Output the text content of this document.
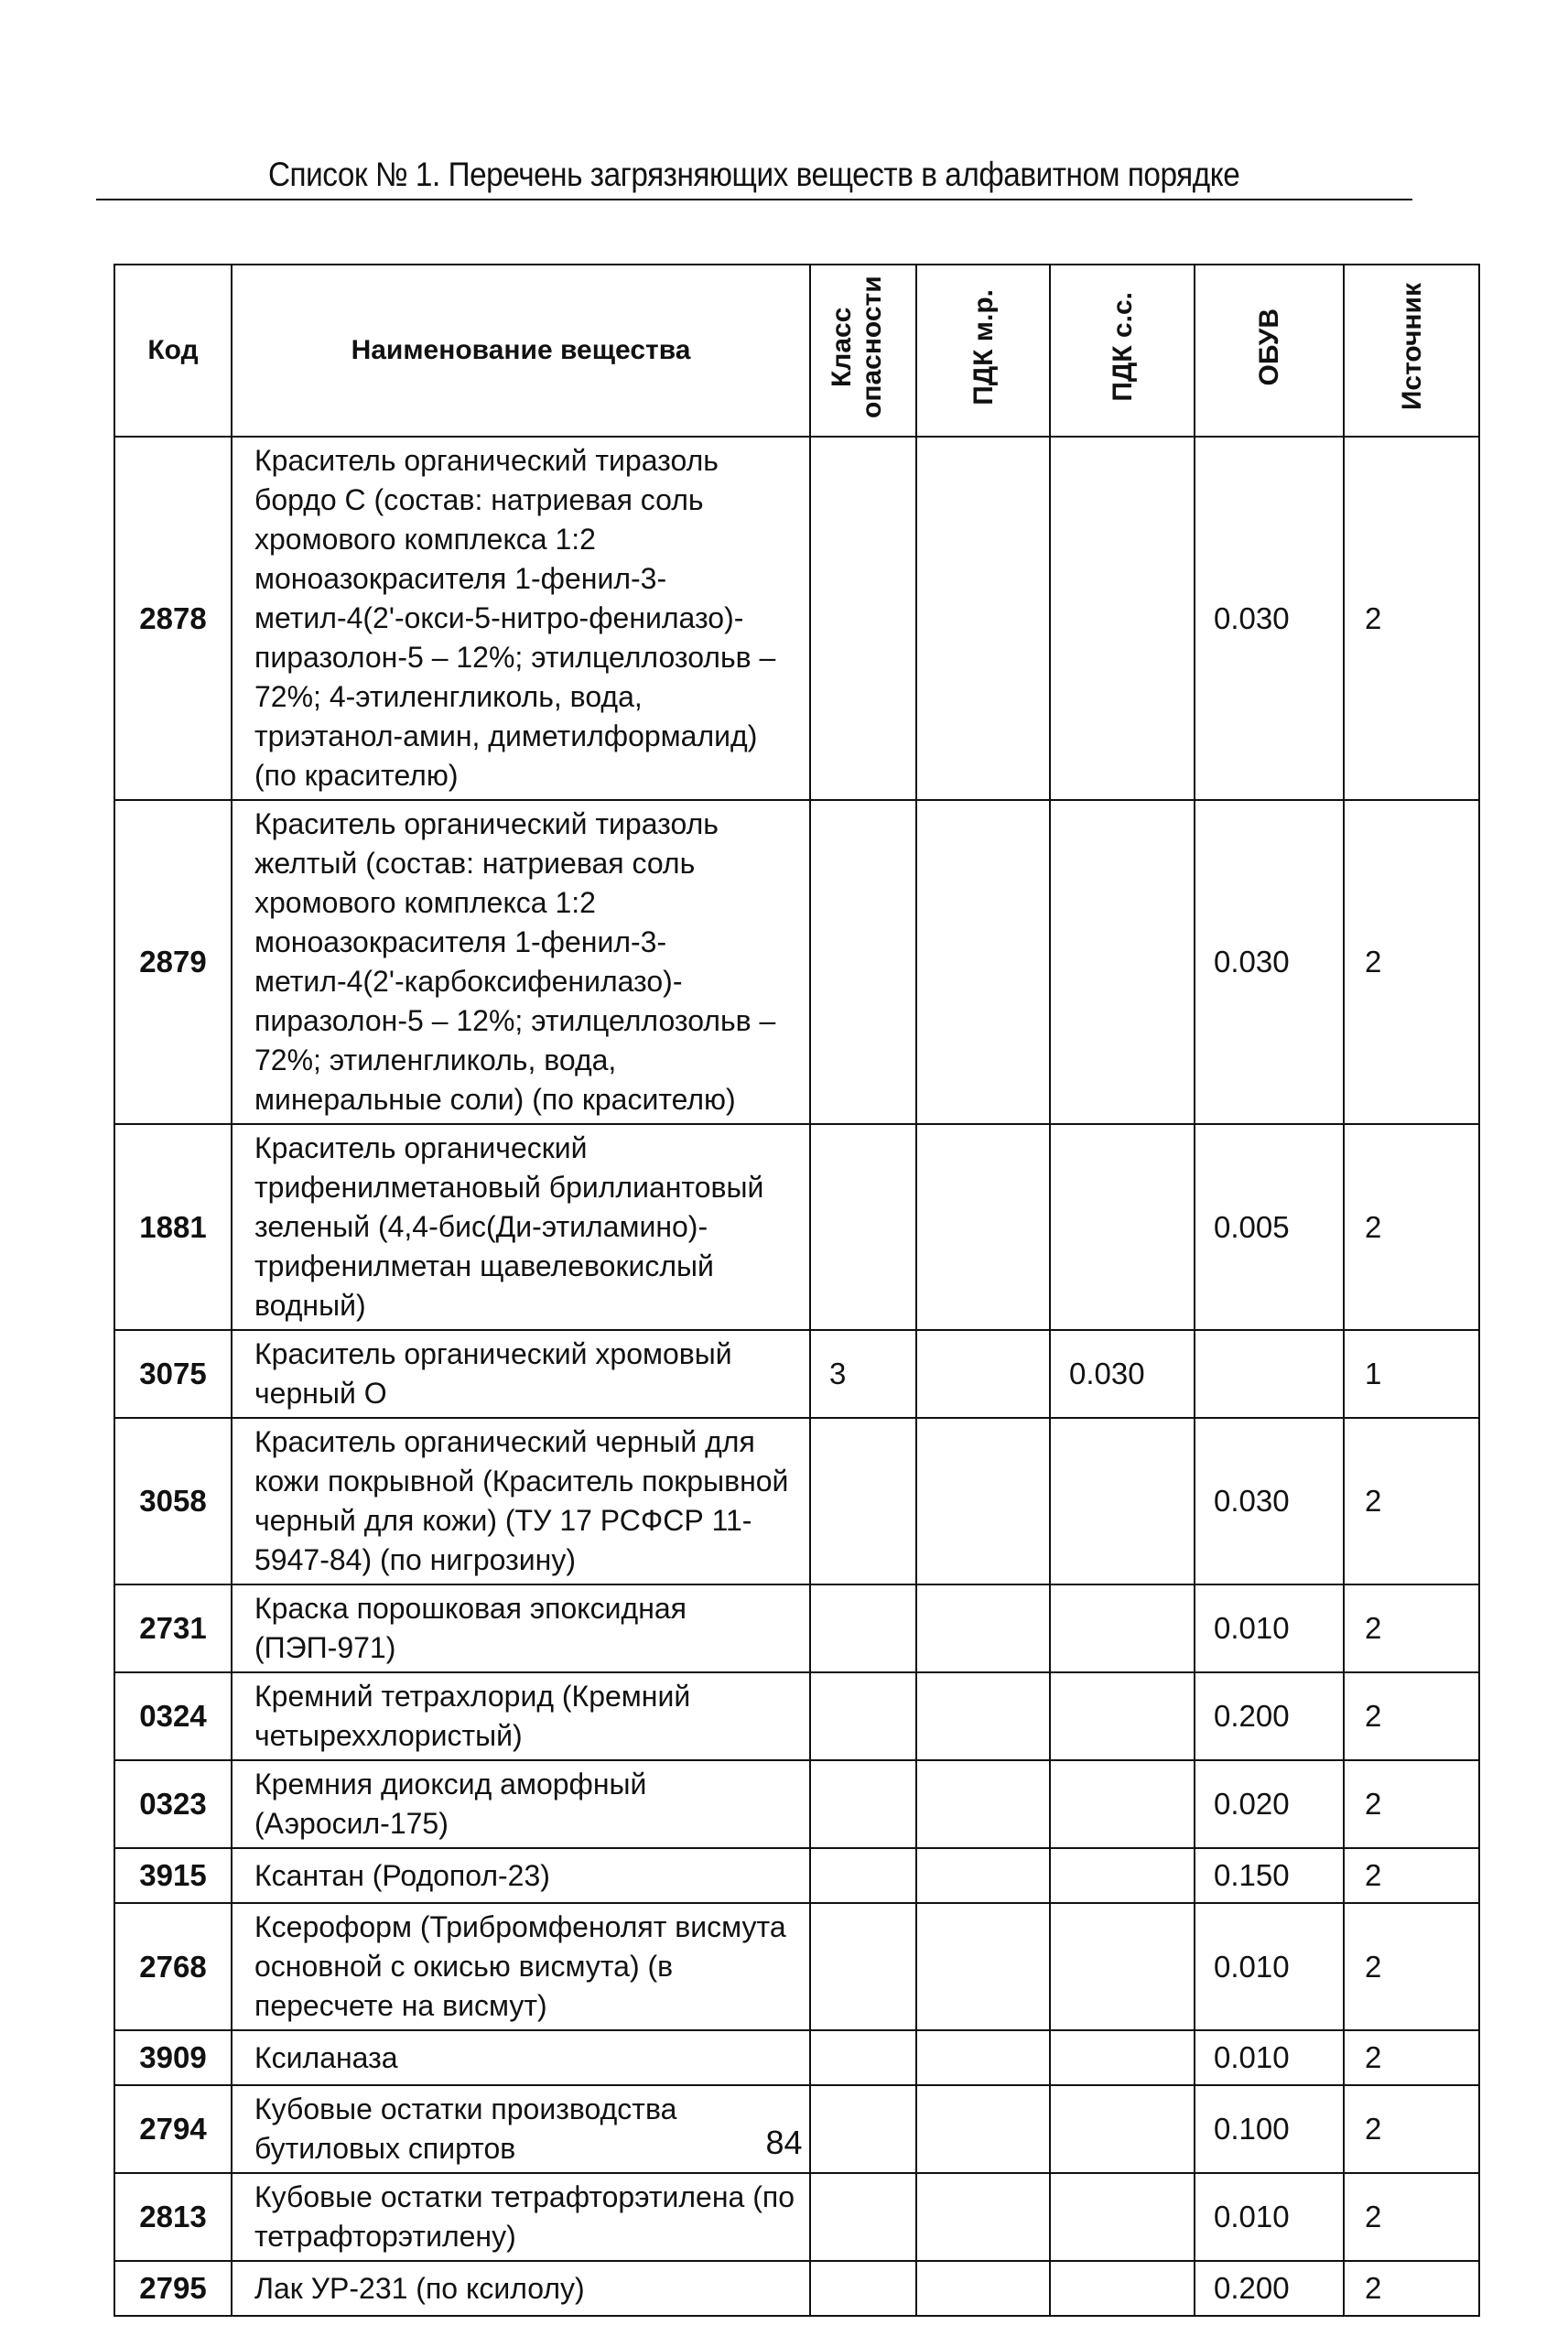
Список № 1. Перечень загрязняющих веществ в алфавитном порядке
Код	Наименование вещества	Класс опасности	ПДК м.р.	ПДК с.с.	ОБУВ	Источник
2878	Краситель органический тиразоль бордо С (состав: натриевая соль хромового комплекса 1:2 моноазокрасителя 1-фенил-3-метил-4(2'-окси-5-нитро-фенилазо)-пиразолон-5 – 12%; этилцеллозольв – 72%; 4-этиленгликоль, вода, триэтанол-амин, диметилформалид) (по красителю)				0.030	2
2879	Краситель органический тиразоль желтый (состав: натриевая соль хромового комплекса 1:2 моноазокрасителя 1-фенил-3-метил-4(2'-карбоксифенилазо)-пиразолон-5 – 12%; этилцеллозольв – 72%; этиленгликоль, вода, минеральные соли) (по красителю)				0.030	2
1881	Краситель органический трифенилметановый бриллиантовый зеленый (4,4-бис(Ди-этиламино)-трифенилметан щавелевокислый водный)				0.005	2
3075	Краситель органический хромовый черный О	3		0.030		1
3058	Краситель органический черный для кожи покрывной (Краситель покрывной черный для кожи) (ТУ 17 РСФСР 11-5947-84) (по нигрозину)				0.030	2
2731	Краска порошковая эпоксидная (ПЭП-971)				0.010	2
0324	Кремний тетрахлорид (Кремний четыреххлористый)				0.200	2
0323	Кремния диоксид аморфный (Аэросил-175)				0.020	2
3915	Ксантан (Родопол-23)				0.150	2
2768	Ксероформ (Трибромфенолят висмута основной с окисью висмута) (в пересчете на висмут)				0.010	2
3909	Ксиланаза				0.010	2
2794	Кубовые остатки производства бутиловых спиртов				0.100	2
2813	Кубовые остатки тетрафторэтилена (по тетрафторэтилену)				0.010	2
2795	Лак УР-231 (по ксилолу)				0.200	2
84
